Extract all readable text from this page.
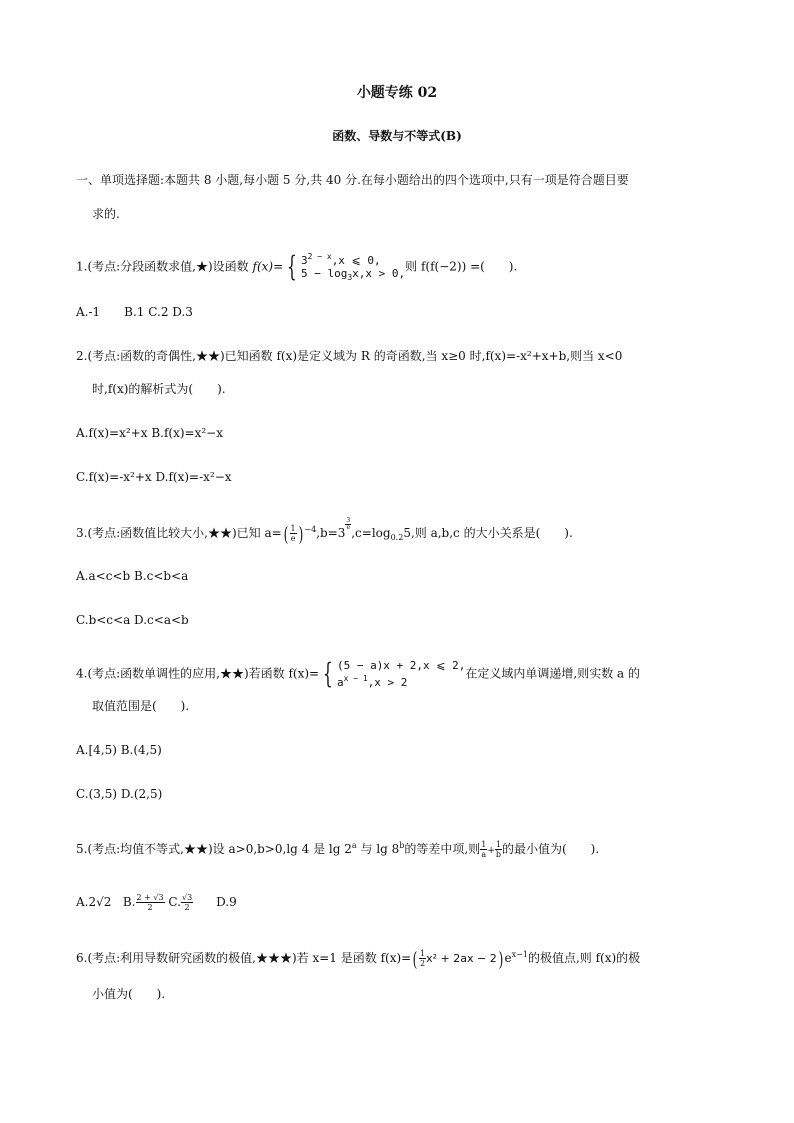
小题专练 02
函数、导数与不等式(B)
一、单项选择题:本题共 8 小题,每小题 5 分,共 40 分.在每小题给出的四个选项中,只有一项是符合题目要
求的.
1.(考点:分段函数求值,★)设函数 f(x)= { $3^{2 - x},x$ ⩽ 0,
$5 - \log_3x,x > 0$,则 f(f(−2)) =(　　).
A.-1　　B.1 C.2 D.3
2.(考点:函数的奇偶性,★★)已知函数 f(x)是定义域为 R 的奇函数,当 x≥0 时,f(x)=-x²+x+b,则当 x<0
时,f(x)的解析式为(　　).
A.f(x)=x²+x B.f(x)=x²−x
C.f(x)=-x²+x D.f(x)=-x²−x
3.(考点:函数值比较大小,★★)已知 $a=( \frac{1}{e}$ ) $^{-4}$,b=3
$\frac{3}{e}$
$,c=\log_{0.2}5$,则 a,b,c 的大小关系是(　　).
A.a<c<b B.c<b<a
C.b<c<a D.c<a<b
4.(考点:函数单调性的应用,★★)若函数 f(x)= { (5 − a)x + 2,x ⩽ 2,
$a^{x - 1},x > 2$在定义域内单调递增,则实数 a 的
取值范围是(　　).
A.[4,5) B.(4,5)
C.(3,5) D.(2,5)
5.(考点:均值不等式,★★)设 a>0,b>0,lg 4 是 lg 2$^a$ 与 lg 8$^b$的等差中项,则 $\frac{1}{a} + \frac{1}{b}$ 的最小值为(　　).
A.2√2 B. $\frac{2 + √3}{2} C$. $\frac{√3}{2} D.9$
6.(考点:利用导数研究函数的极值,★★★)若 x=1 是函数 $f(x)=( \frac{1}{2} x^2 + 2ax - 2)$ $e^{x-1}$的极值点,则 f(x)的极
小值为(　　).
